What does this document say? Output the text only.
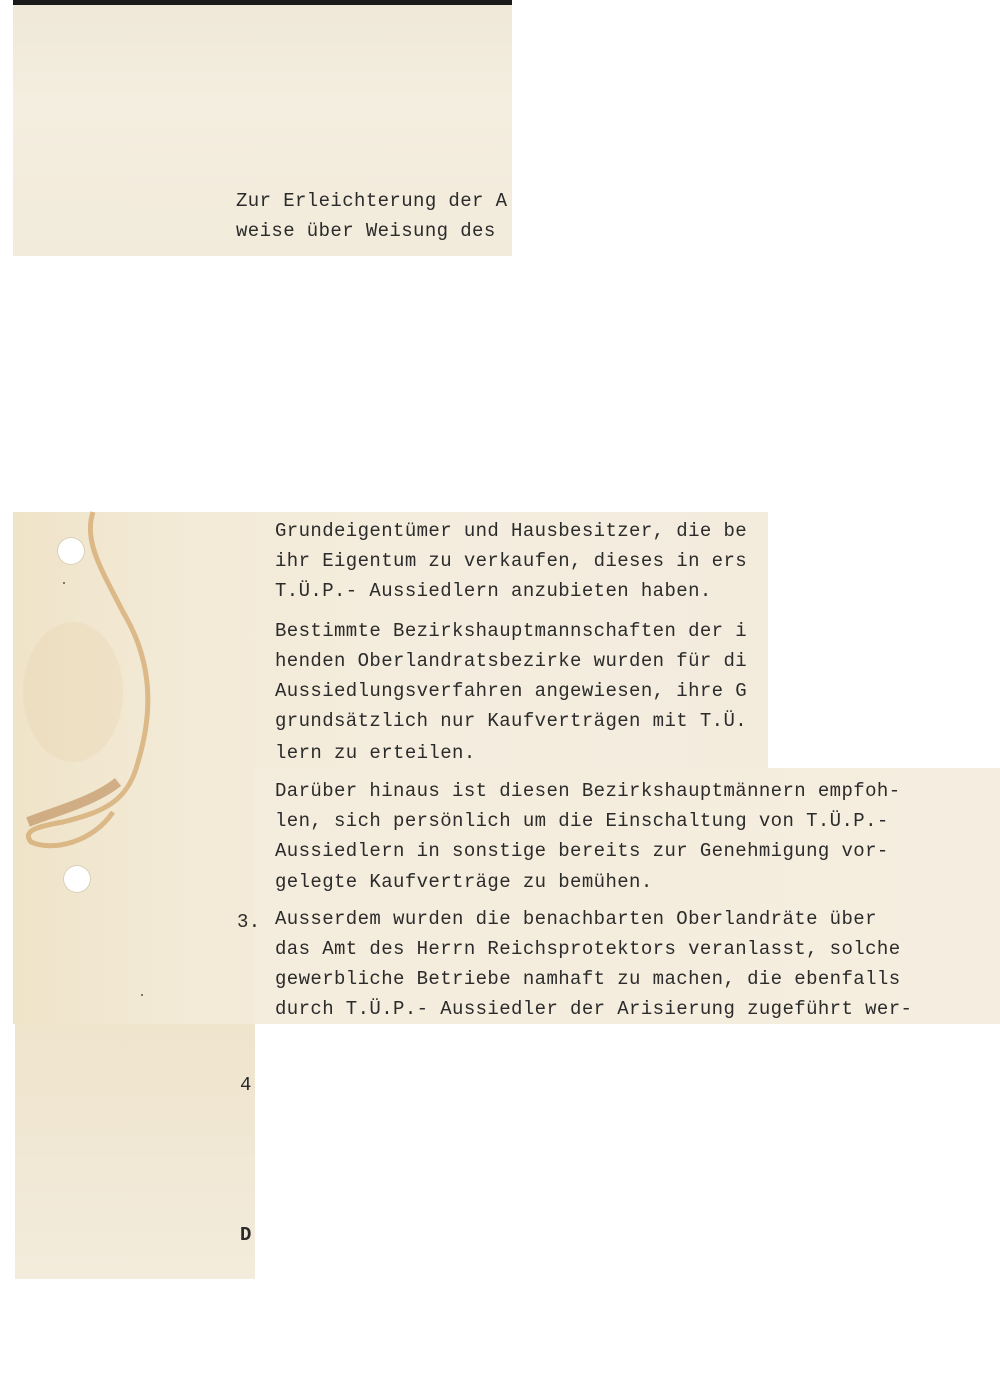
Zur Erleichterung der A
weise über Weisung des
Grundeigentümer und Hausbesitzer, die be
ihr Eigentum zu verkaufen, dieses in ers
T.Ü.P.- Aussiedlern anzubieten haben.
Bestimmte Bezirkshauptmannschaften der i
henden Oberlandratsbezirke wurden für di
Aussiedlungsverfahren angewiesen, ihre G
grundsätzlich nur Kaufverträgen mit T.Ü.
lern zu erteilen.
Darüber hinaus ist diesen Bezirkshauptmännern empfoh-
len, sich persönlich um die Einschaltung von T.Ü.P.-
Aussiedlern in sonstige bereits zur Genehmigung vor-
gelegte Kaufverträge zu bemühen.
3. Ausserdem wurden die benachbarten Oberlandräte über
das Amt des Herrn Reichsprotektors veranlasst, solche
gewerbliche Betriebe namhaft zu machen, die ebenfalls
durch T.Ü.P.- Aussiedler der Arisierung zugeführt wer-
4
D
